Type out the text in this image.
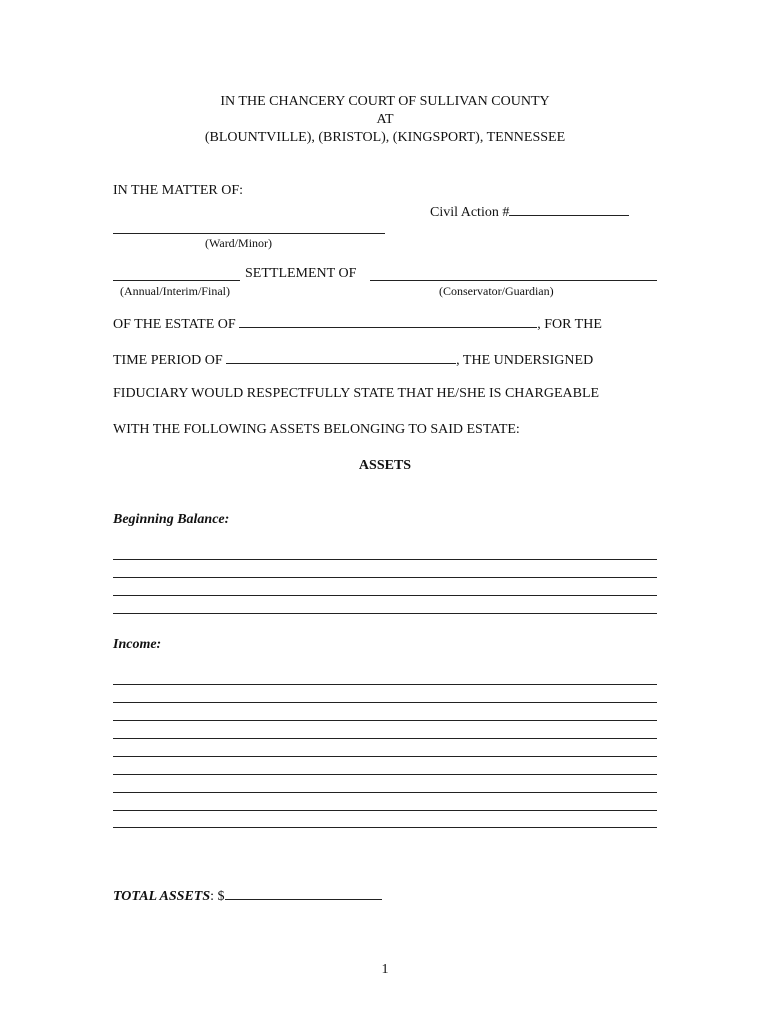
IN THE CHANCERY COURT OF SULLIVAN COUNTY
AT
(BLOUNTVILLE), (BRISTOL), (KINGSPORT), TENNESSEE
IN THE MATTER OF:
Civil Action #
(Ward/Minor)
SETTLEMENT OF
(Annual/Interim/Final)	(Conservator/Guardian)
OF THE ESTATE OF	, FOR THE
TIME PERIOD OF	, THE UNDERSIGNED
FIDUCIARY WOULD RESPECTFULLY STATE THAT HE/SHE IS CHARGEABLE
WITH THE FOLLOWING ASSETS BELONGING TO SAID ESTATE:
ASSETS
Beginning Balance:
Income:
TOTAL ASSETS: $
1
